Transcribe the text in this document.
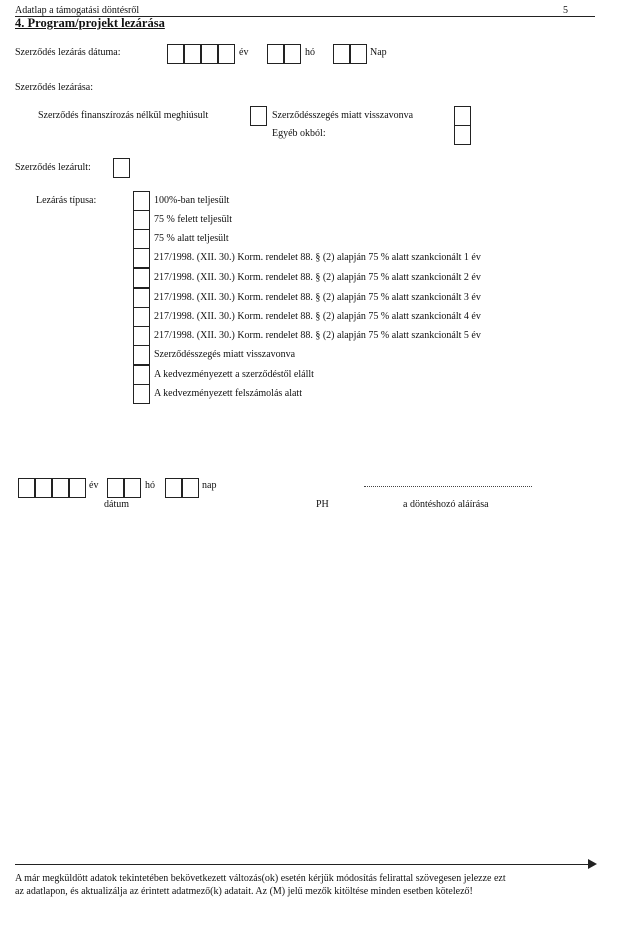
Adatlap a támogatási döntésről	5
4. Program/projekt lezárása
Szerződés lezárás dátuma:	év	hó	Nap
Szerződés lezárása:
Szerződés finanszírozás nélkül meghiúsult	Szerződésszegés miatt visszavonva
Egyéb okból:
Szerződés lezárult:
Lezárás típusa:	100%-ban teljesült
75 % felett teljesült
75 % alatt teljesült
217/1998. (XII. 30.) Korm. rendelet 88. § (2) alapján 75 % alatt szankcionált 1 év
217/1998. (XII. 30.) Korm. rendelet 88. § (2) alapján 75 % alatt szankcionált 2 év
217/1998. (XII. 30.) Korm. rendelet 88. § (2) alapján 75 % alatt szankcionált 3 év
217/1998. (XII. 30.) Korm. rendelet 88. § (2) alapján 75 % alatt szankcionált 4 év
217/1998. (XII. 30.) Korm. rendelet 88. § (2) alapján 75 % alatt szankcionált 5 év
Szerződésszegés miatt visszavonva
A kedvezményezett a szerződéstől elállt
A kedvezményezett felszámolás alatt
év	hó	nap
dátum	PH	a döntéshozó aláírása
A már megküldött adatok tekintetében bekövetkezett változás(ok) esetén kérjük módosítás felirattal szövegesen jelezze ezt
az adatlapon, és aktualizálja az érintett adatmező(k) adatait. Az (M) jelű mezők kitöltése minden esetben kötelező!
